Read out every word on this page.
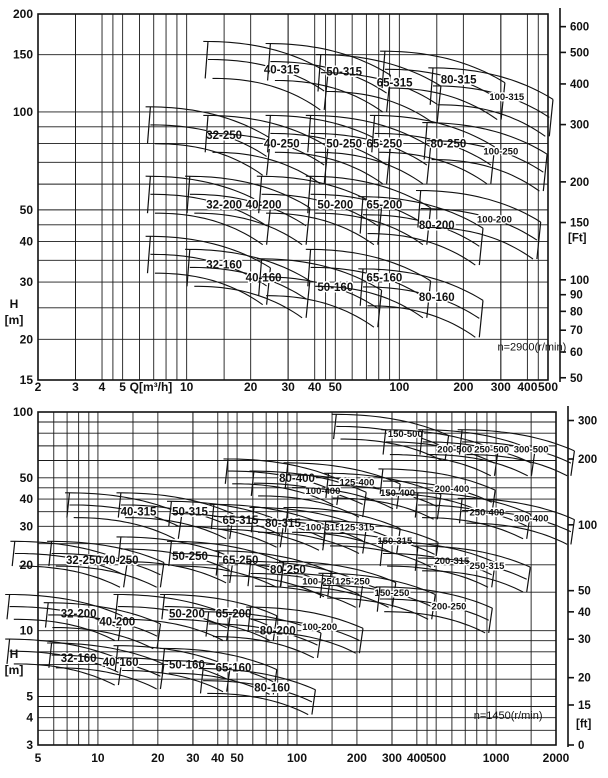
2	3 4 5	10	20 30 40 50	100	200 300 400 500
15
20
30
40
50
100
150
200
H
[m]
50
60
70
80
90
100
150
200
300
400
500
600
[Ft]
n=2900(r/min)
32-160
32-200
32-250
40-160
40-200
40-250
40-315
50-160
50-200
50-250
50-315
65-160
65-200
65-250
65-315
80-160
80-200
80-250
80-315
100-200
100-250
100-315
Q[m³/h]
5	10	20 30 40 50	100	200 300 400 500	1000	2000
3
4
5
10
20
30
40
50
100
H
[m]
0
15
20
30
40
50
100
200
300
[ft]
n=1450(r/min)
32-160
32-200
32-250
40-160
40-200
40-250
40-315
50-160
50-200
50-250
50-315
65-160
65-200
65-250
65-315
80-160
80-200
80-250
80-315
80-400
100-200
100-250
100-315
100-400
125-250
125-315
125-400
150-250
150-315
150-400
150-500
200-250
200-315
200-400
200-500
250-315
250-400
250-500
300-400
300-500
